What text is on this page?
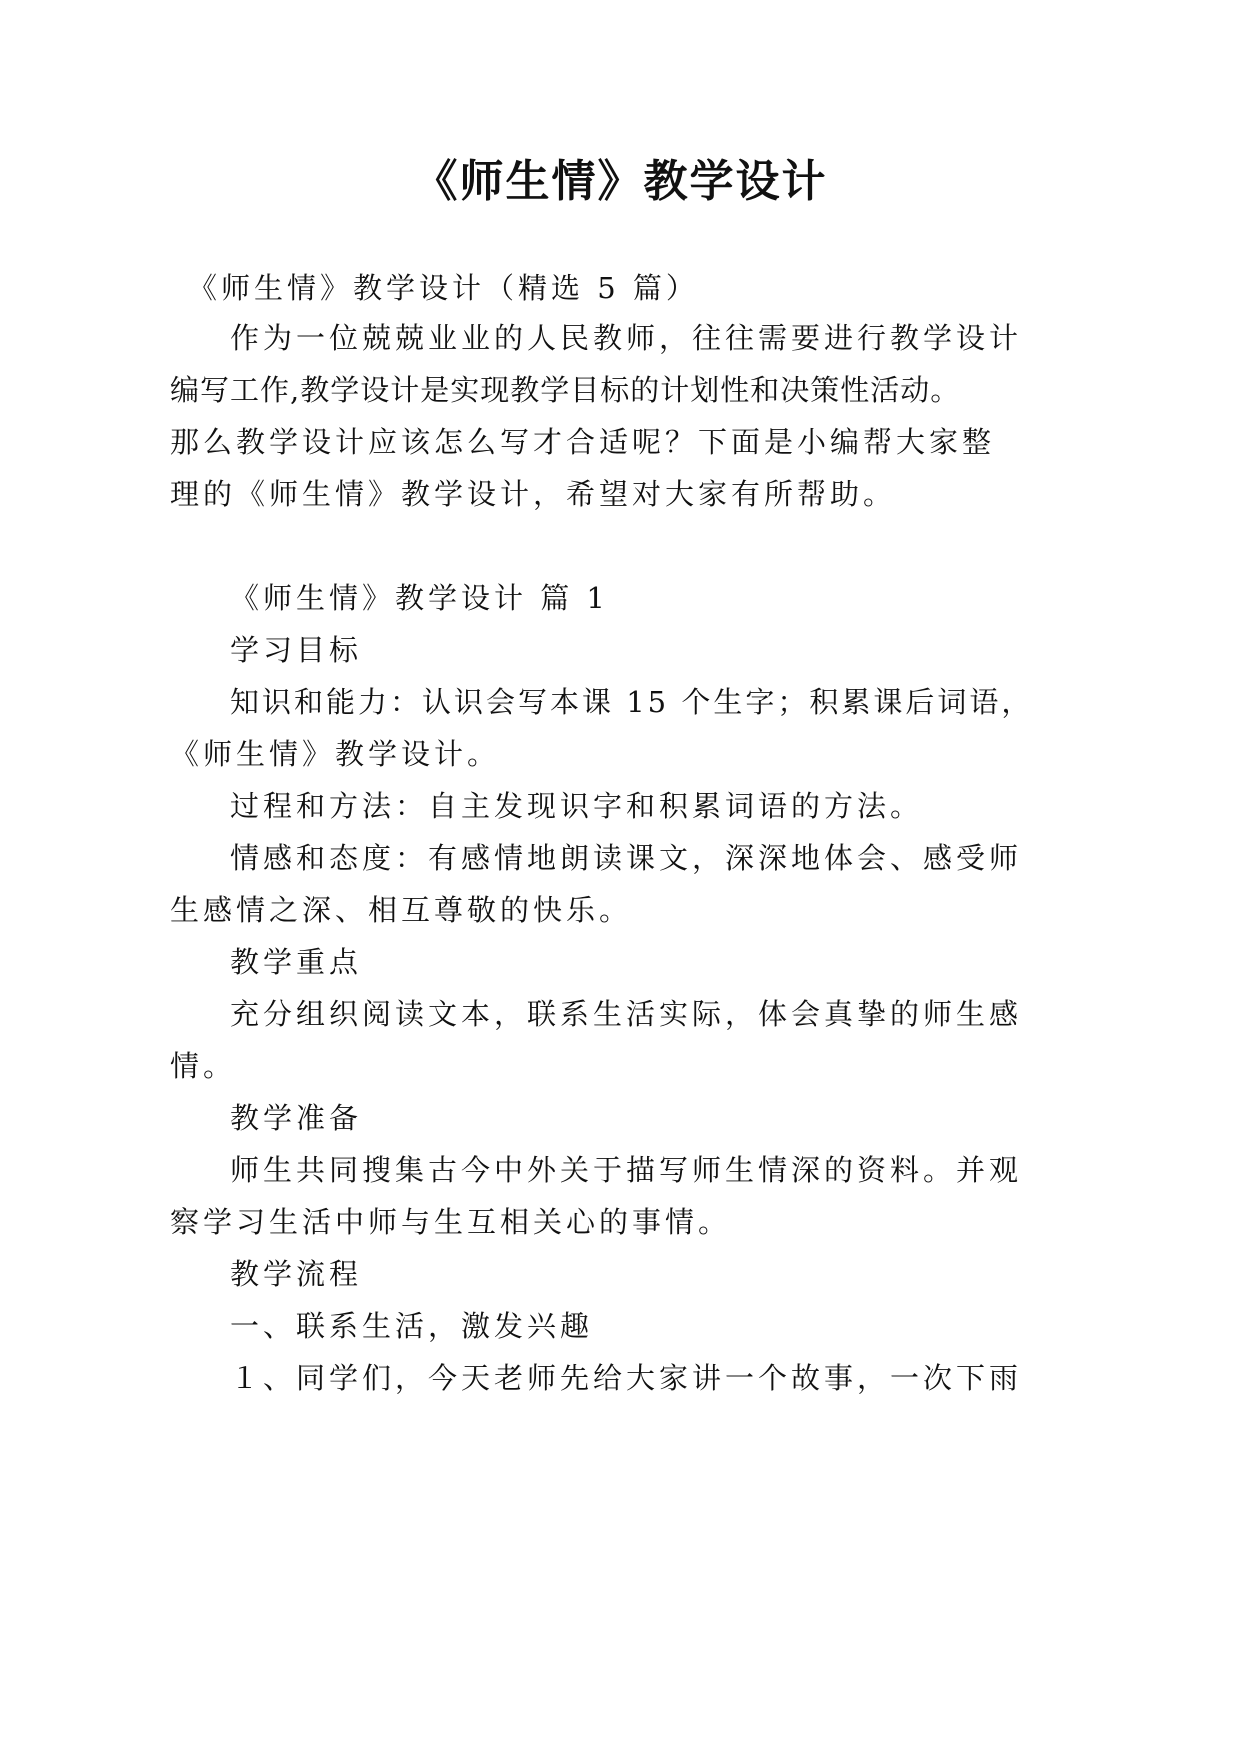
《师生情》教学设计

《师生情》教学设计（精选 5 篇）

作为一位兢兢业业的人民教师，往往需要进行教学设计

编写工作,教学设计是实现教学目标的计划性和决策性活动。

那么教学设计应该怎么写才合适呢？下面是小编帮大家整

理的《师生情》教学设计，希望对大家有所帮助。

《师生情》教学设计 篇 1

学习目标

知识和能力：认识会写本课 15 个生字；积累课后词语，

《师生情》教学设计。

过程和方法：自主发现识字和积累词语的方法。

情感和态度：有感情地朗读课文，深深地体会、感受师

生感情之深、相互尊敬的快乐。

教学重点

充分组织阅读文本，联系生活实际，体会真挚的师生感

情。

教学准备

师生共同搜集古今中外关于描写师生情深的资料。并观

察学习生活中师与生互相关心的事情。

教学流程

一、联系生活，激发兴趣

１、同学们，今天老师先给大家讲一个故事，一次下雨
